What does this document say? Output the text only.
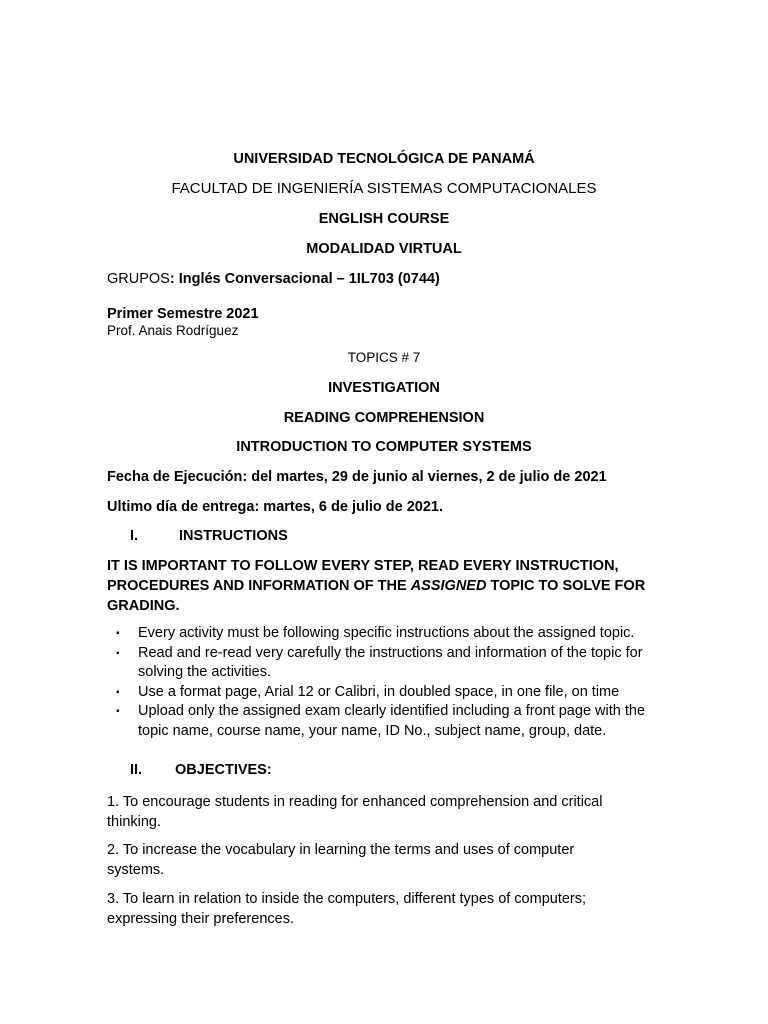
UNIVERSIDAD TECNOLÓGICA DE PANAMÁ
FACULTAD DE INGENIERÍA SISTEMAS COMPUTACIONALES
ENGLISH COURSE
MODALIDAD VIRTUAL
GRUPOS: Inglés Conversacional – 1IL703 (0744)
Primer Semestre 2021
Prof. Anais Rodríguez
TOPICS # 7
INVESTIGATION
READING COMPREHENSION
INTRODUCTION TO COMPUTER SYSTEMS
Fecha de Ejecución: del martes, 29 de junio al viernes, 2 de julio de 2021
Ultimo día de entrega: martes, 6 de julio de 2021.
I.	INSTRUCTIONS
IT IS IMPORTANT TO FOLLOW EVERY STEP, READ EVERY INSTRUCTION, PROCEDURES AND INFORMATION OF THE ASSIGNED TOPIC TO SOLVE FOR GRADING.
▪ Every activity must be following specific instructions about the assigned topic.
▪ Read and re-read very carefully the instructions and information of the topic for solving the activities.
▪ Use a format page, Arial 12 or Calibri, in doubled space, in one file, on time
▪ Upload only the assigned exam clearly identified including a front page with the topic name, course name, your name, ID No., subject name, group, date.
II. OBJECTIVES:
1. To encourage students in reading for enhanced comprehension and critical thinking.
2. To increase the vocabulary in learning the terms and uses of computer systems.
3. To learn in relation to inside the computers, different types of computers; expressing their preferences.
